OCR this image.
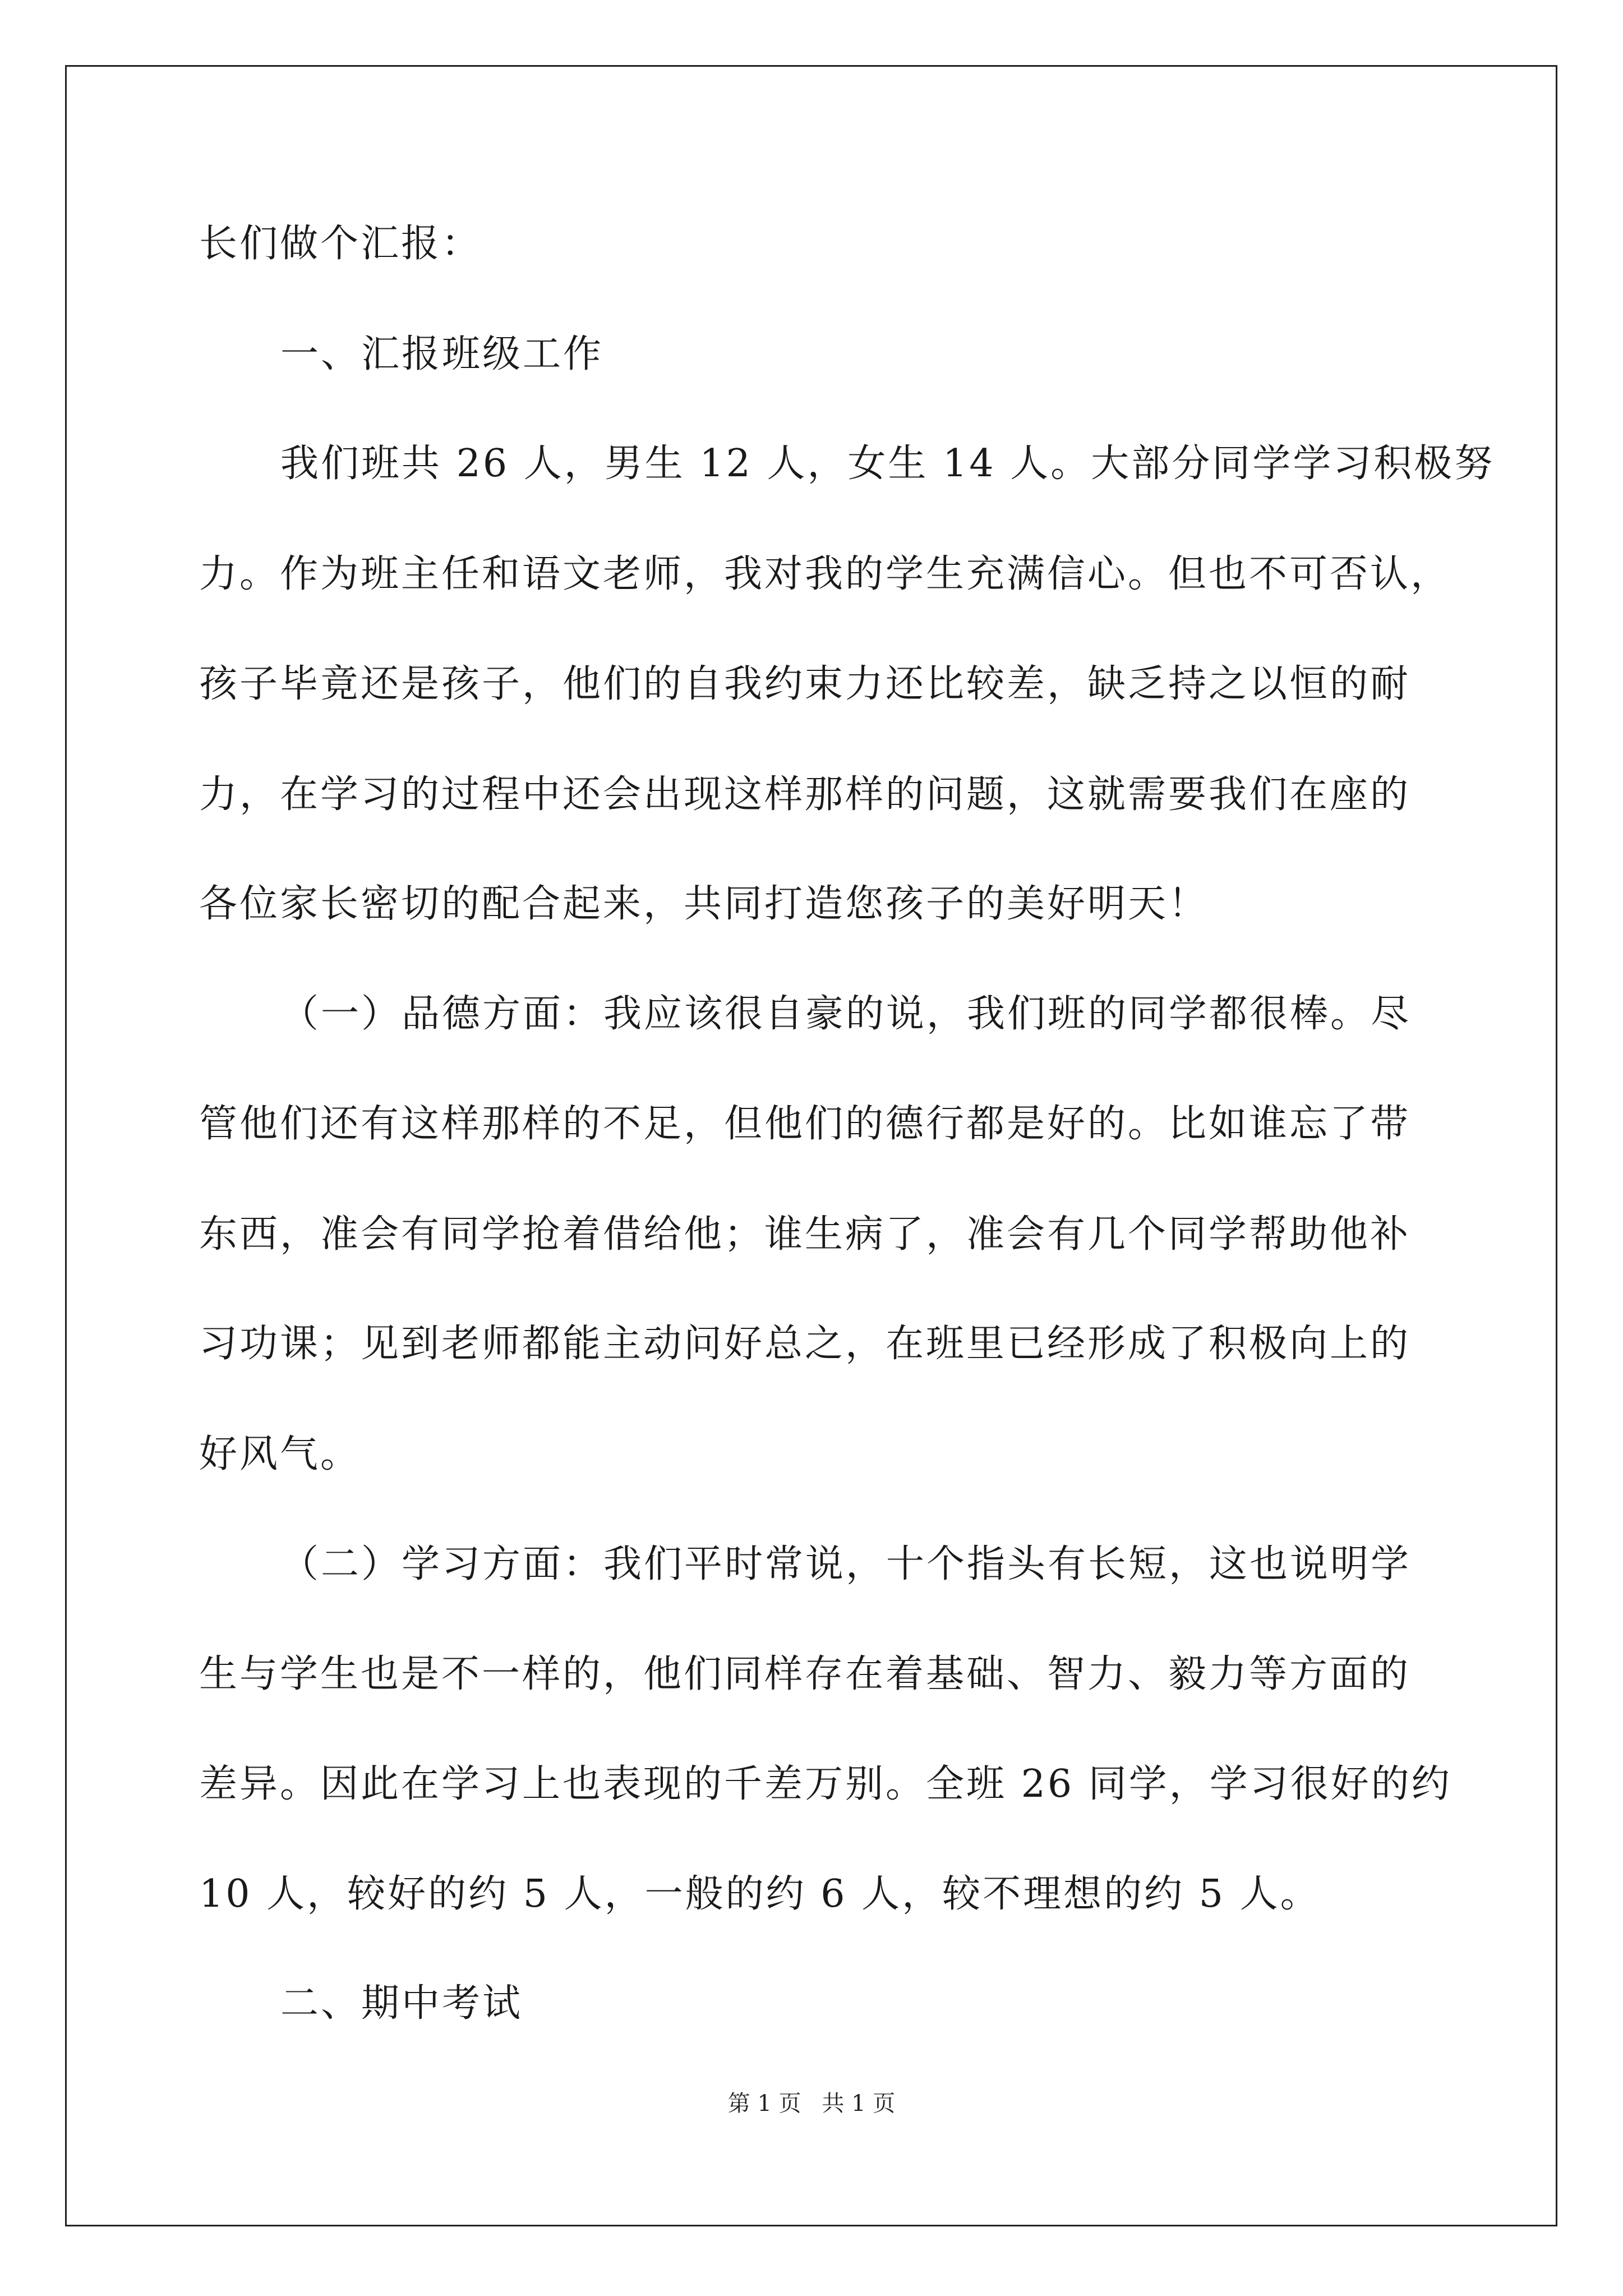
长们做个汇报：
一、汇报班级工作
我们班共 26 人，男生 12 人，女生 14 人。大部分同学学习积极努
力。作为班主任和语文老师，我对我的学生充满信心。但也不可否认，
孩子毕竟还是孩子，他们的自我约束力还比较差，缺乏持之以恒的耐
力，在学习的过程中还会出现这样那样的问题，这就需要我们在座的
各位家长密切的配合起来，共同打造您孩子的美好明天！
（一）品德方面：我应该很自豪的说，我们班的同学都很棒。尽
管他们还有这样那样的不足，但他们的德行都是好的。比如谁忘了带
东西，准会有同学抢着借给他；谁生病了，准会有几个同学帮助他补
习功课；见到老师都能主动问好总之，在班里已经形成了积极向上的
好风气。
（二）学习方面：我们平时常说，十个指头有长短，这也说明学
生与学生也是不一样的，他们同样存在着基础、智力、毅力等方面的
差异。因此在学习上也表现的千差万别。全班 26 同学，学习很好的约
10 人，较好的约 5 人，一般的约 6 人，较不理想的约 5 人。
二、期中考试
第 1 页 共 1 页
